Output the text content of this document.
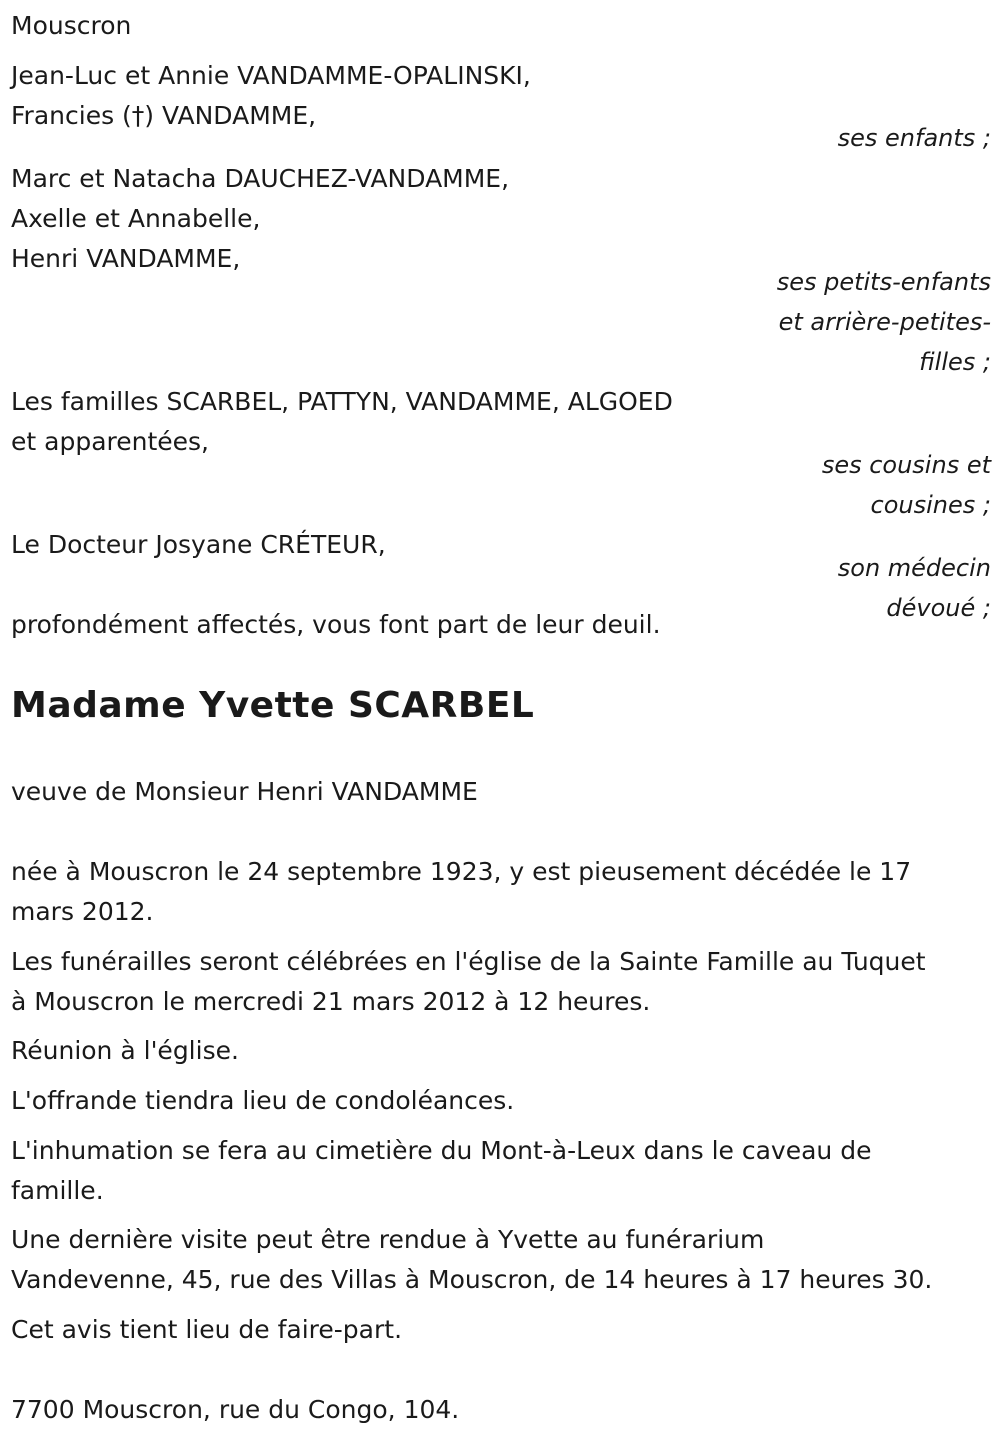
Mouscron
Jean-Luc et Annie VANDAMME-OPALINSKI,
Francies (†) VANDAMME,
ses enfants ;
Marc et Natacha DAUCHEZ-VANDAMME,
Axelle et Annabelle,
Henri VANDAMME,
ses petits-enfants
et arrière-petites-
filles ;
Les familles SCARBEL, PATTYN, VANDAMME, ALGOED
et apparentées,
ses cousins et
cousines ;
Le Docteur Josyane CRÉTEUR,
son médecin
dévoué ;
profondément affectés, vous font part de leur deuil.
Madame Yvette SCARBEL
veuve de Monsieur Henri VANDAMME
née à Mouscron le 24 septembre 1923, y est pieusement décédée le 17
mars 2012.
Les funérailles seront célébrées en l'église de la Sainte Famille au Tuquet
à Mouscron le mercredi 21 mars 2012 à 12 heures.
Réunion à l'église.
L'offrande tiendra lieu de condoléances.
L'inhumation se fera au cimetière du Mont-à-Leux dans le caveau de
famille.
Une dernière visite peut être rendue à Yvette au funérarium
Vandevenne, 45, rue des Villas à Mouscron, de 14 heures à 17 heures 30.
Cet avis tient lieu de faire-part.
7700 Mouscron, rue du Congo, 104.
